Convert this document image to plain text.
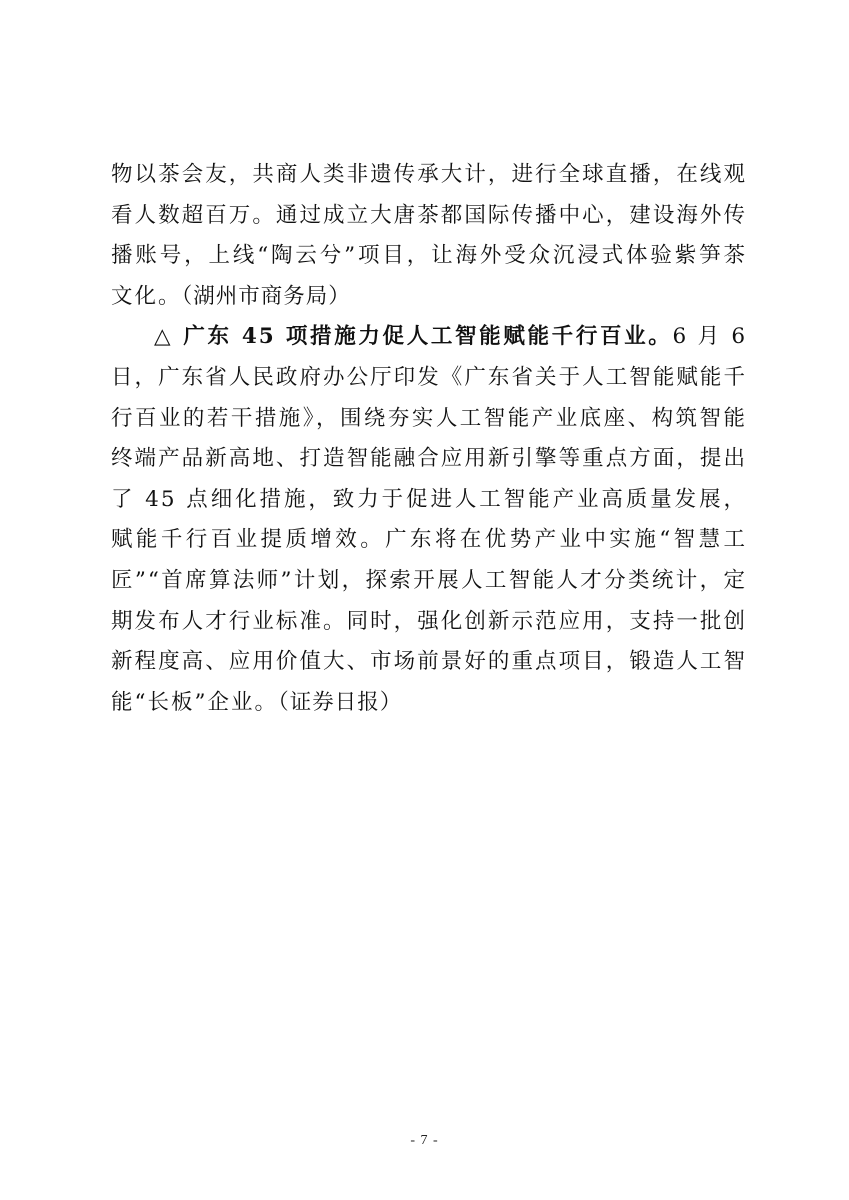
物以茶会友，共商人类非遗传承大计，进行全球直播，在线观看人数超百万。通过成立大唐茶都国际传播中心，建设海外传播账号，上线“陶云兮”项目，让海外受众沉浸式体验紫笋茶文化。（湖州市商务局）

△ 广东 45 项措施力促人工智能赋能千行百业。6 月 6 日，广东省人民政府办公厅印发《广东省关于人工智能赋能千行百业的若干措施》，围绕夯实人工智能产业底座、构筑智能终端产品新高地、打造智能融合应用新引擎等重点方面，提出了 45 点细化措施，致力于促进人工智能产业高质量发展，赋能千行百业提质增效。广东将在优势产业中实施“智慧工匠”“首席算法师”计划，探索开展人工智能人才分类统计，定期发布人才行业标准。同时，强化创新示范应用，支持一批创新程度高、应用价值大、市场前景好的重点项目，锻造人工智能“长板”企业。（证券日报）

- 7 -
